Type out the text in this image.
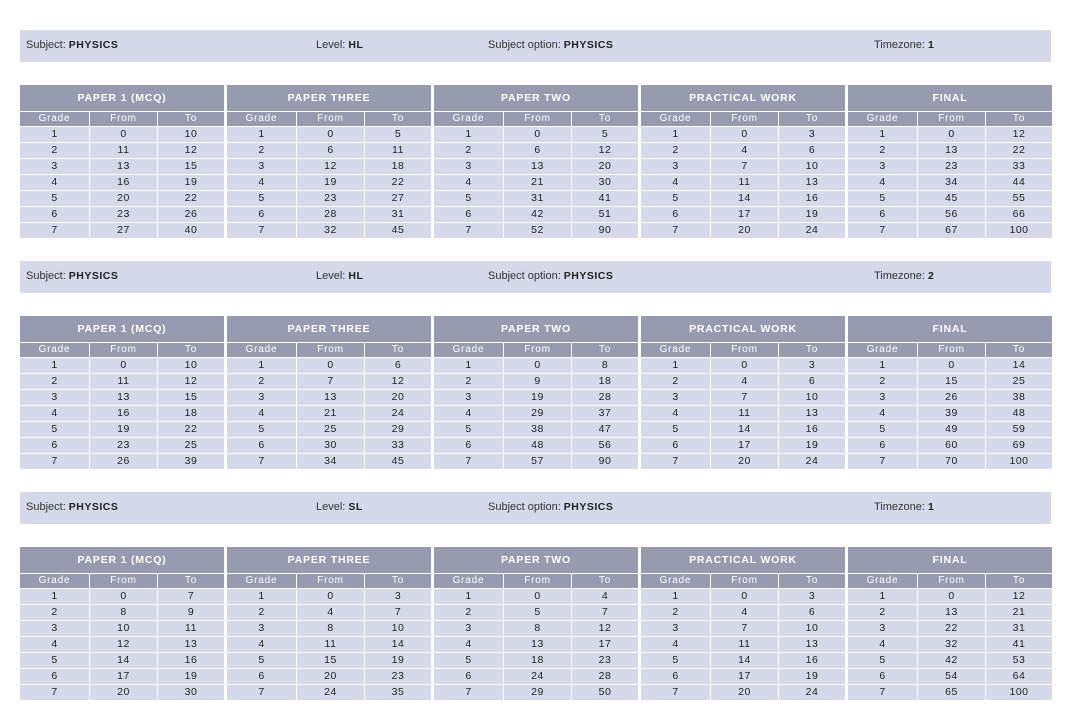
Subject: PHYSICS	Level: HL	Subject option: PHYSICS	Timezone: 1
PAPER 1 (MCQ)
Grade	From	To
1	0	10
2	11	12
3	13	15
4	16	19
5	20	22
6	23	26
7	27	40
PAPER THREE
Grade	From	To
1	0	5
2	6	11
3	12	18
4	19	22
5	23	27
6	28	31
7	32	45
PAPER TWO
Grade	From	To
1	0	5
2	6	12
3	13	20
4	21	30
5	31	41
6	42	51
7	52	90
PRACTICAL WORK
Grade	From	To
1	0	3
2	4	6
3	7	10
4	11	13
5	14	16
6	17	19
7	20	24
FINAL
Grade	From	To
1	0	12
2	13	22
3	23	33
4	34	44
5	45	55
6	56	66
7	67	100
Subject: PHYSICS	Level: HL	Subject option: PHYSICS	Timezone: 2
PAPER 1 (MCQ)
Grade	From	To
1	0	10
2	11	12
3	13	15
4	16	18
5	19	22
6	23	25
7	26	39
PAPER THREE
Grade	From	To
1	0	6
2	7	12
3	13	20
4	21	24
5	25	29
6	30	33
7	34	45
PAPER TWO
Grade	From	To
1	0	8
2	9	18
3	19	28
4	29	37
5	38	47
6	48	56
7	57	90
PRACTICAL WORK
Grade	From	To
1	0	3
2	4	6
3	7	10
4	11	13
5	14	16
6	17	19
7	20	24
FINAL
Grade	From	To
1	0	14
2	15	25
3	26	38
4	39	48
5	49	59
6	60	69
7	70	100
Subject: PHYSICS	Level: SL	Subject option: PHYSICS	Timezone: 1
PAPER 1 (MCQ)
Grade	From	To
1	0	7
2	8	9
3	10	11
4	12	13
5	14	16
6	17	19
7	20	30
PAPER THREE
Grade	From	To
1	0	3
2	4	7
3	8	10
4	11	14
5	15	19
6	20	23
7	24	35
PAPER TWO
Grade	From	To
1	0	4
2	5	7
3	8	12
4	13	17
5	18	23
6	24	28
7	29	50
PRACTICAL WORK
Grade	From	To
1	0	3
2	4	6
3	7	10
4	11	13
5	14	16
6	17	19
7	20	24
FINAL
Grade	From	To
1	0	12
2	13	21
3	22	31
4	32	41
5	42	53
6	54	64
7	65	100
